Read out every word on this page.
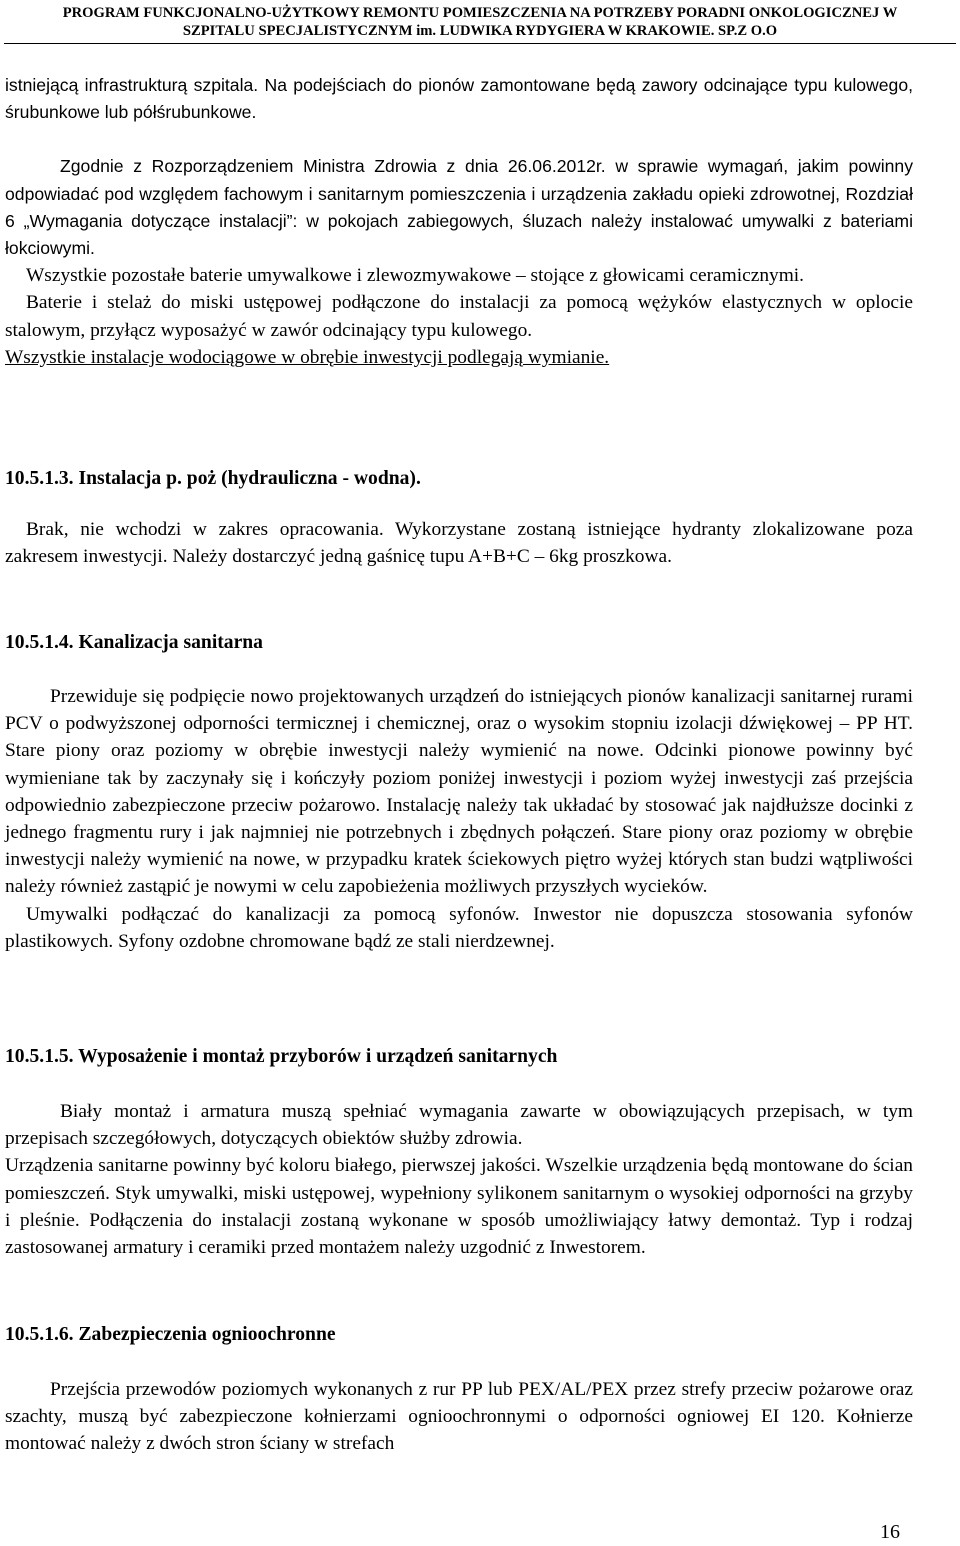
PROGRAM FUNKCJONALNO-UŻYTKOWY REMONTU POMIESZCZENIA NA POTRZEBY PORADNI ONKOLOGICZNEJ W
SZPITALU SPECJALISTYCZNYM im. LUDWIKA RYDYGIERA W KRAKOWIE. SP.Z O.O

istniejącą infrastrukturą szpitala. Na podejściach do pionów zamontowane będą zawory odcinające typu kulowego, śrubunkowe lub półśrubunkowe.

Zgodnie z Rozporządzeniem Ministra Zdrowia z dnia 26.06.2012r. w sprawie wymagań, jakim powinny odpowiadać pod względem fachowym i sanitarnym pomieszczenia i urządzenia zakładu opieki zdrowotnej, Rozdział 6 „Wymagania dotyczące instalacji”: w pokojach zabiegowych, śluzach należy instalować umywalki z bateriami łokciowymi.

Wszystkie pozostałe baterie umywalkowe i zlewozmywakowe – stojące z głowicami ceramicznymi.

Baterie i stelaż do miski ustępowej podłączone do instalacji za pomocą wężyków elastycznych w oplocie stalowym, przyłącz wyposażyć w zawór odcinający typu kulowego.

Wszystkie instalacje wodociągowe w obrębie inwestycji podlegają wymianie.

10.5.1.3. Instalacja p. poż (hydrauliczna - wodna).

Brak, nie wchodzi w zakres opracowania. Wykorzystane zostaną istniejące hydranty zlokalizowane poza zakresem inwestycji. Należy dostarczyć jedną gaśnicę tupu A+B+C – 6kg proszkowa.

10.5.1.4. Kanalizacja sanitarna

Przewiduje się podpięcie nowo projektowanych urządzeń do istniejących pionów kanalizacji sanitarnej rurami PCV o podwyższonej odporności termicznej i chemicznej, oraz o wysokim stopniu izolacji dźwiękowej – PP HT. Stare piony oraz poziomy w obrębie inwestycji należy wymienić na nowe. Odcinki pionowe powinny być wymieniane tak by zaczynały się i kończyły poziom poniżej inwestycji i poziom wyżej inwestycji zaś przejścia odpowiednio zabezpieczone przeciw pożarowo. Instalację należy tak układać by stosować jak najdłuższe docinki z jednego fragmentu rury i jak najmniej nie potrzebnych i zbędnych połączeń. Stare piony oraz poziomy w obrębie inwestycji należy wymienić na nowe, w przypadku kratek ściekowych piętro wyżej których stan budzi wątpliwości należy również zastąpić je nowymi w celu zapobieżenia możliwych przyszłych wycieków.

Umywalki podłączać do kanalizacji za pomocą syfonów. Inwestor nie dopuszcza stosowania syfonów plastikowych. Syfony ozdobne chromowane bądź ze stali nierdzewnej.

10.5.1.5. Wyposażenie i montaż przyborów i urządzeń sanitarnych

Biały montaż i armatura muszą spełniać wymagania zawarte w obowiązujących przepisach, w tym przepisach szczegółowych, dotyczących obiektów służby zdrowia.

Urządzenia sanitarne powinny być koloru białego, pierwszej jakości. Wszelkie urządzenia będą montowane do ścian pomieszczeń. Styk umywalki, miski ustępowej, wypełniony sylikonem sanitarnym o wysokiej odporności na grzyby i pleśnie. Podłączenia do instalacji zostaną wykonane w sposób umożliwiający łatwy demontaż. Typ i rodzaj zastosowanej armatury i ceramiki przed montażem należy uzgodnić z Inwestorem.

10.5.1.6. Zabezpieczenia ognioochronne

Przejścia przewodów poziomych wykonanych z rur PP lub PEX/AL/PEX przez strefy przeciw pożarowe oraz szachty, muszą być zabezpieczone kołnierzami ognioochronnymi o odporności ogniowej EI 120. Kołnierze montować należy z dwóch stron ściany w strefach

16
